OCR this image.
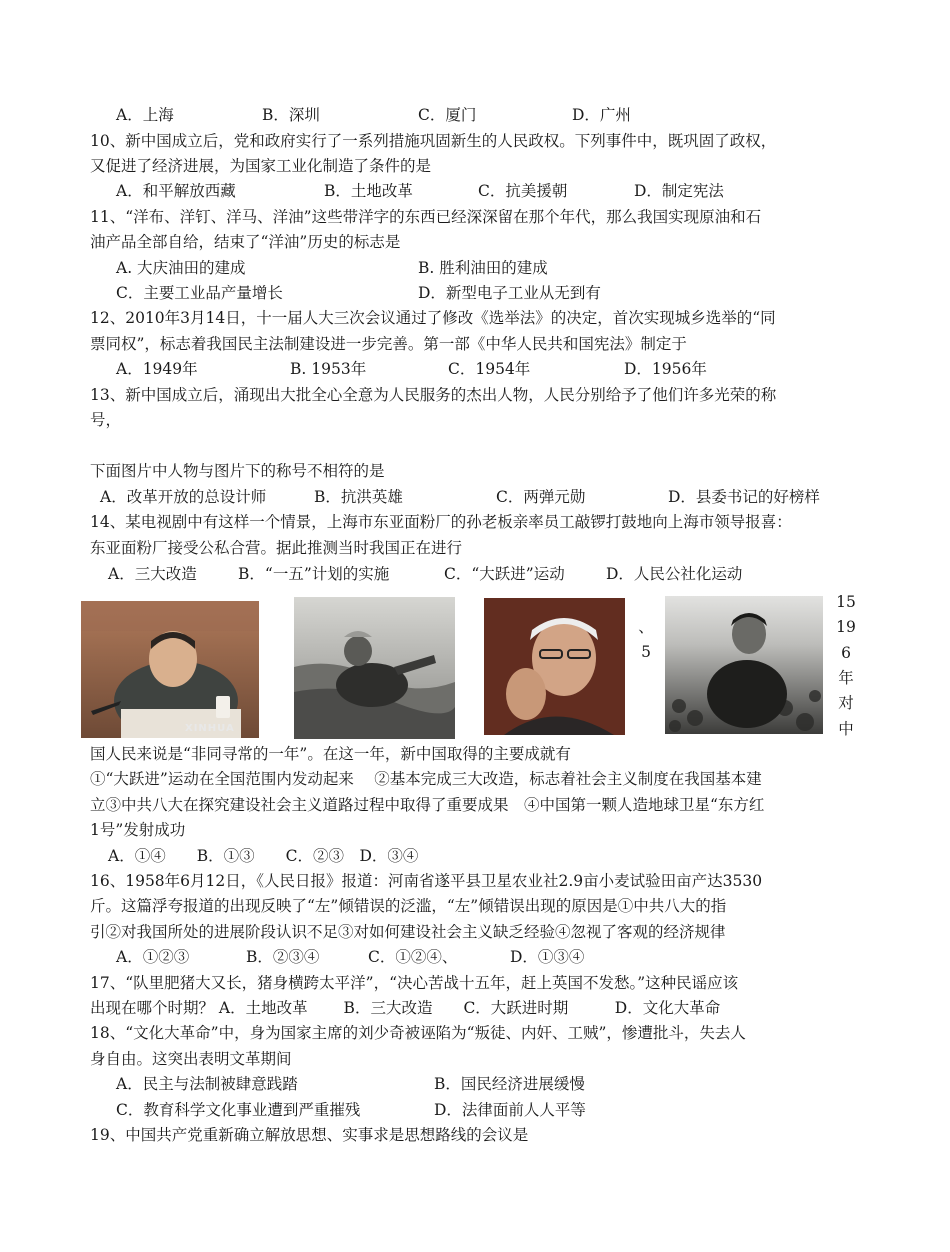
A．上海	B．深圳	C．厦门	D．广州
10、新中国成立后，党和政府实行了一系列措施巩固新生的人民政权。下列事件中，既巩固了政权，
又促进了经济进展，为国家工业化制造了条件的是
A．和平解放西藏	B．土地改革	C．抗美援朝	D．制定宪法
11、“洋布、洋钉、洋马、洋油”这些带洋字的东西已经深深留在那个年代，那么我国实现原油和石
油产品全部自给，结束了“洋油”历史的标志是
A. 大庆油田的建成	B. 胜利油田的建成
C．主要工业品产量增长	D．新型电子工业从无到有
12、2010年3月14日，十一届人大三次会议通过了修改《选举法》的决定，首次实现城乡选举的“同
票同权”，标志着我国民主法制建设进一步完善。第一部《中华人民共和国宪法》制定于
A．1949年	B. 1953年	C．1954年	D．1956年
13、新中国成立后，涌现出大批全心全意为人民服务的杰出人物，人民分别给予了他们许多光荣的称
号，
下面图片中人物与图片下的称号不相符的是
A．改革开放的总设计师	B．抗洪英雄	C．两弹元勋	D．县委书记的好榜样
14、某电视剧中有这样一个情景，上海市东亚面粉厂的孙老板亲率员工敲锣打鼓地向上海市领导报喜：
东亚面粉厂接受公私合营。据此推测当时我国正在进行
A．三大改造	B．“一五”计划的实施	C．“大跃进”运动	D．人民公社化运动
XINHUA
15
19
6
年
对
中
、
5
国人民来说是“非同寻常的一年”。在这一年，新中国取得的主要成就有
①“大跃进”运动在全国范围内发动起来　 ②基本完成三大改造，标志着社会主义制度在我国基本建
立③中共八大在探究建设社会主义道路过程中取得了重要成果　④中国第一颗人造地球卫星“东方红
1号”发射成功
A．①④　　B．①③　　C．②③　D．③④
16、1958年6月12日，《人民日报》报道：河南省遂平县卫星农业社2.9亩小麦试验田亩产达3530
斤。这篇浮夸报道的出现反映了“左”倾错误的泛滥，“左”倾错误出现的原因是①中共八大的指
引②对我国所处的进展阶段认识不足③对如何建设社会主义缺乏经验④忽视了客观的经济规律
A．①②③	B．②③④	C．①②④、	D．①③④
17、“队里肥猪大又长，猪身横跨太平洋”，“决心苦战十五年，赶上英国不发愁。”这种民谣应该
出现在哪个时期？ A．土地改革　　 B．三大改造　　C．大跃进时期　　　D．文化大革命
18、“文化大革命”中，身为国家主席的刘少奇被诬陷为“叛徒、内奸、工贼”，惨遭批斗，失去人
身自由。这突出表明文革期间
A．民主与法制被肆意践踏	B．国民经济进展缓慢
C．教育科学文化事业遭到严重摧残	D．法律面前人人平等
19、中国共产党重新确立解放思想、实事求是思想路线的会议是
